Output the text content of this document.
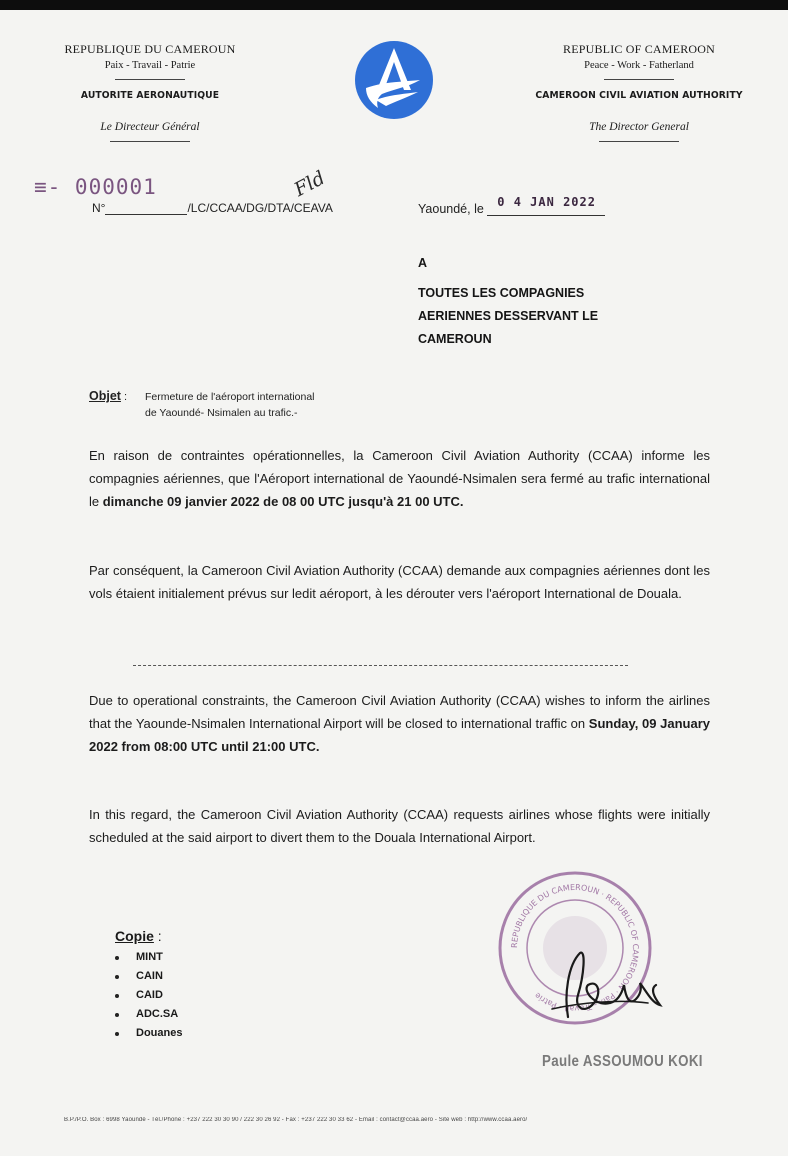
REPUBLIQUE DU CAMEROUN
Paix - Travail - Patrie
AUTORITE AERONAUTIQUE
Le Directeur Général
REPUBLIC OF CAMEROON
Peace - Work - Fatherland
CAMEROON CIVIL AVIATION AUTHORITY
The Director General
≡- 000001	Fld
N°	/LC/CCAA/DG/DTA/CEAVA	Yaoundé, le 0 4 JAN 2022
A
TOUTES LES COMPAGNIES
AERIENNES DESSERVANT LE
CAMEROUN
Objet : Fermeture de l'aéroport international
de Yaoundé- Nsimalen au trafic.-
En raison de contraintes opérationnelles, la Cameroon Civil Aviation Authority (CCAA) informe les compagnies aériennes, que l'Aéroport international de Yaoundé-Nsimalen sera fermé au trafic international le dimanche 09 janvier 2022 de 08 00 UTC jusqu'à 21 00 UTC.
Par conséquent, la Cameroon Civil Aviation Authority (CCAA) demande aux compagnies aériennes dont les vols étaient initialement prévus sur ledit aéroport, à les dérouter vers l'aéroport International de Douala.
Due to operational constraints, the Cameroon Civil Aviation Authority (CCAA) wishes to inform the airlines that the Yaounde-Nsimalen International Airport will be closed to international traffic on Sunday, 09 January 2022 from 08:00 UTC until 21:00 UTC.
In this regard, the Cameroon Civil Aviation Authority (CCAA) requests airlines whose flights were initially scheduled at the said airport to divert them to the Douala International Airport.
Copie :
MINT
CAIN
CAID
ADC.SA
Douanes
REPUBLIQUE DU CAMEROUN · REPUBLIC OF CAMEROON · Paix - Travail - Patrie
Paule ASSOUMOU KOKI
B.P./P.O. Box : 6998 Yaoundé - Tél./Phone : +237 222 30 30 90 / 222 30 26 92 - Fax : +237 222 30 33 62 - Email : contact@ccaa.aero - Site web : http://www.ccaa.aero/
